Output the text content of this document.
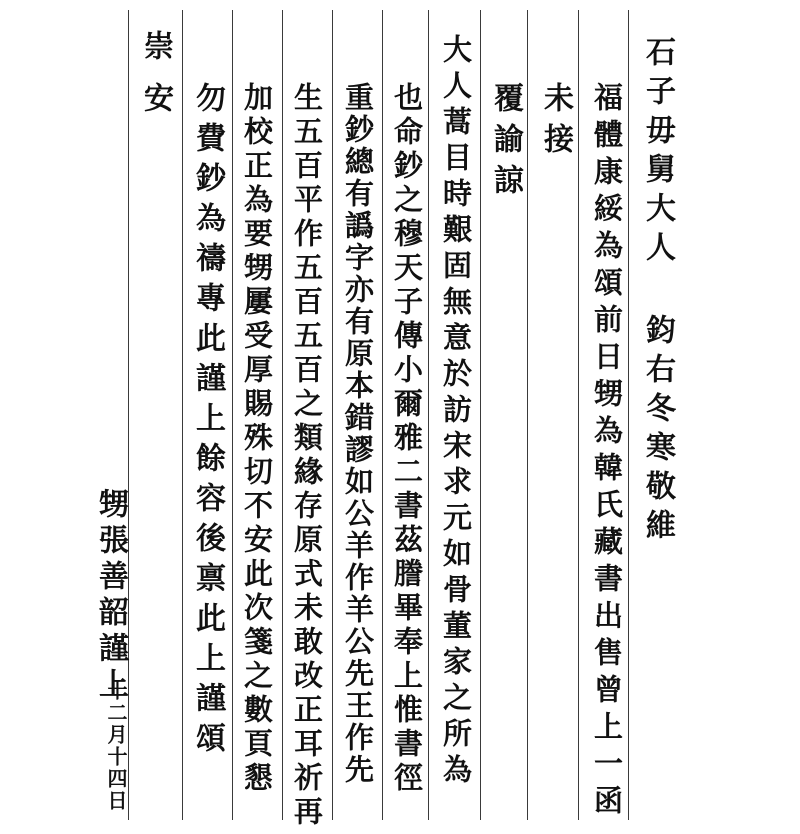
石子毋舅大人 鈞右冬寒敬維
福體康綏為頌前日甥為韓氏藏書出售曾上一函
未接
覆諭諒
大人蒿目時艱固無意於訪宋求元如骨董家之所為
也命鈔之穆天子傳小爾雅二書茲謄畢奉上惟書徑
重鈔總有譌字亦有原本錯謬如公羊作羊公先王作先
生五百平作五百五百之類緣存原式未敢改正耳祈再
加校正為要甥屢受厚賜殊切不安此次箋之數頁懇
勿費鈔為禱專此謹上餘容後禀此上謹頌
崇安
甥張善韶謹上
十二月十四日
